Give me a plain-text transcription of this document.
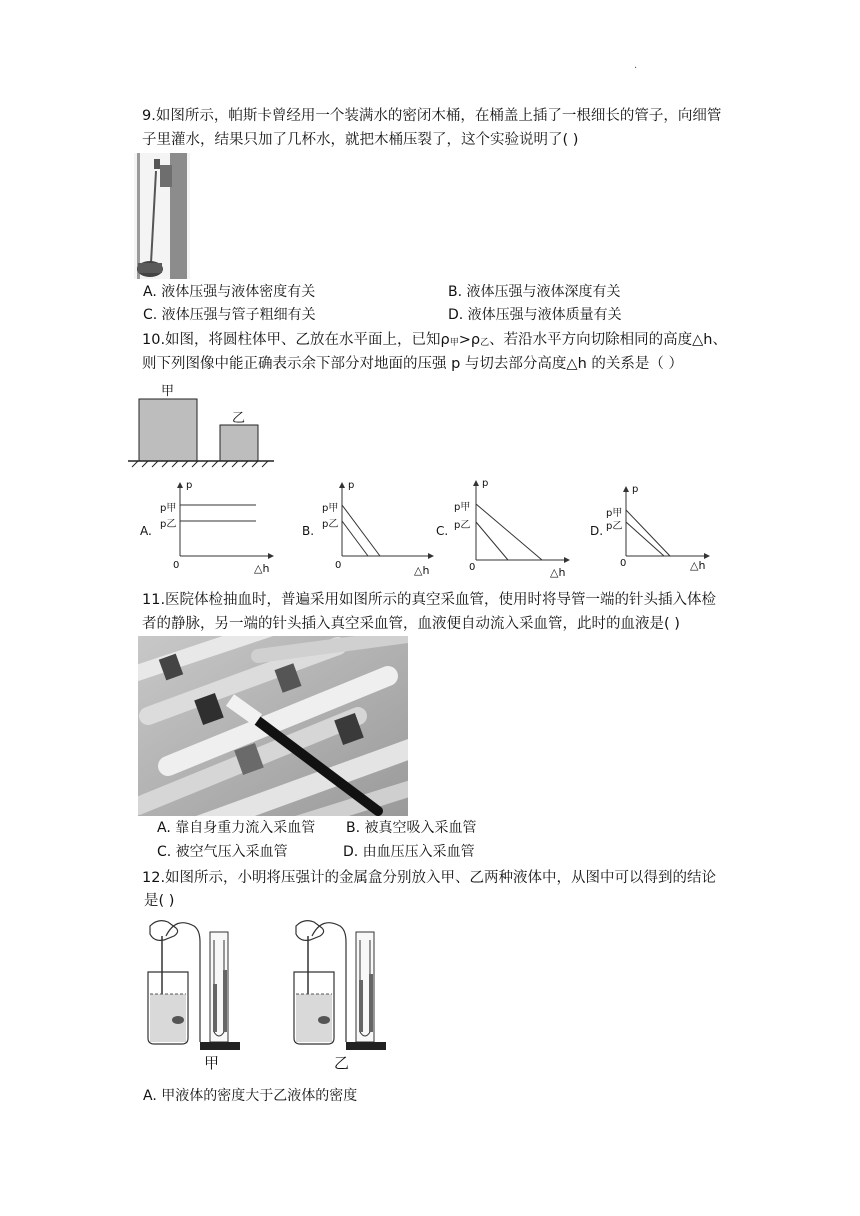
.
9.如图所示，帕斯卡曾经用一个装满水的密闭木桶，在桶盖上插了一根细长的管子，向细管
子里灌水，结果只加了几杯水，就把木桶压裂了，这个实验说明了( )
A. 液体压强与液体密度有关	B. 液体压强与液体深度有关
C. 液体压强与管子粗细有关	D. 液体压强与液体质量有关
10.如图，将圆柱体甲、乙放在水平面上，已知ρ甲>ρ乙、若沿水平方向切除相同的高度△h、
则下列图像中能正确表示余下部分对地面的压强 p 与切去部分高度△h 的关系是（ ）
甲
乙
A.
p
p甲
p乙
0	△h
B.
p
p甲
p乙
0	△h
C.
p
p甲
p乙
0	△h
D.
p
p甲
p乙
0	△h
11.医院体检抽血时，普遍采用如图所示的真空采血管，使用时将导管一端的针头插入体检
者的静脉，另一端的针头插入真空采血管，血液便自动流入采血管，此时的血液是( )
A. 靠自身重力流入采血管 B. 被真空吸入采血管
C. 被空气压入采血管	D. 由血压压入采血管
12.如图所示，小明将压强计的金属盒分别放入甲、乙两种液体中，从图中可以得到的结论
是( )
甲	乙
A. 甲液体的密度大于乙液体的密度
